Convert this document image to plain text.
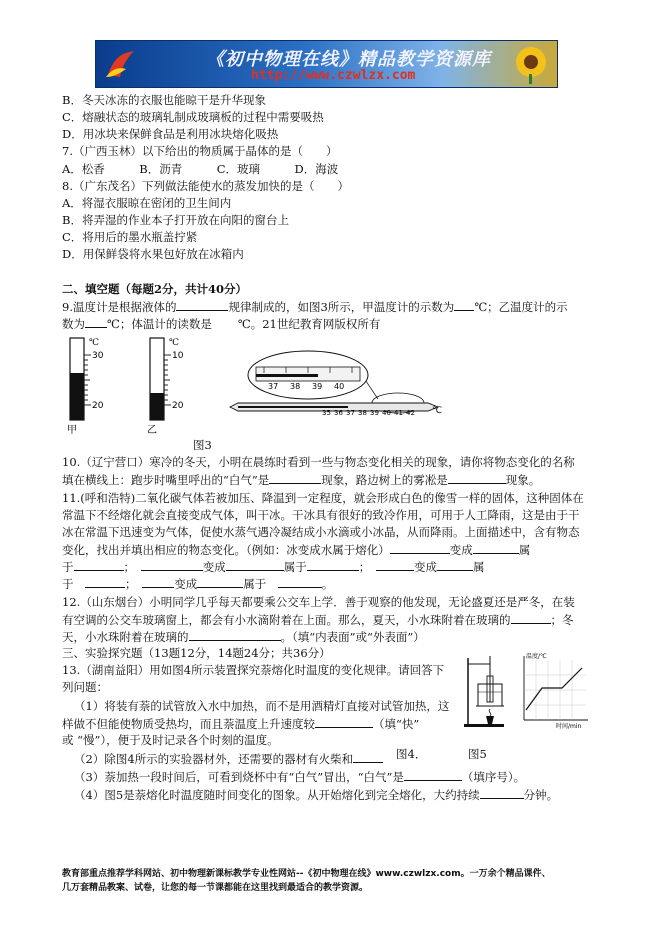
《初中物理在线》精品教学资源库
http://www.czwlzx.com
B．冬天冰冻的衣服也能晾干是升华现象
C．熔融状态的玻璃轧制成玻璃板的过程中需要吸热
D．用冰块来保鲜食品是利用冰块熔化吸热
7.（广西玉林）以下给出的物质属于晶体的是（　　）
A．松香　　　B．沥青　　　C．玻璃　　　D．海波
8.（广东茂名）下列做法能使水的蒸发加快的是（　　）
A．将湿衣服晾在密闭的卫生间内
B．将弄湿的作业本子打开放在向阳的窗台上
C．将用后的墨水瓶盖拧紧
D．用保鲜袋将水果包好放在冰箱内
二、填空题（每题2分，共计40分）
9.温度计是根据液体的	规律制成的，如图3所示，甲温度计的示数为 ℃；乙温度计的示
数为 ℃；体温计的读数是 ℃。21世纪教育网版权所有
℃
30
20
甲
℃
10
20
乙
37 38 39 40
35 36 37 38 39 40 41 42 ℃
图3
10.（辽宁营口）寒冷的冬天，小明在晨练时看到一些与物态变化相关的现象，请你将物态变化的名称
填在横线上：跑步时嘴里呼出的“白气”是	现象，路边树上的雾凇是	现象。
11.(呼和浩特)二氧化碳气体若被加压、降温到一定程度，就会形成白色的像雪一样的固体，这种固体在
常温下不经熔化就会直接变成气体，叫干冰。干冰具有很好的致冷作用，可用于人工降雨，这是由于干
冰在常温下迅速变为气体，促使水蒸气遇冷凝结成小水滴或小冰晶，从而降雨。上面描述中，含有物态
变化，找出并填出相应的物态变化。（例如：冰变成水属于熔化）	变成	属
于	；　	变成	属于	；　	变成	属
于　	；　	变成	属于　	。
12.（山东烟台）小明同学几乎每天都要乘公交车上学．善于观察的他发现，无论盛夏还是严冬，在装
有空调的公交车玻璃窗上，都会有小水滴附着在上面。那么，夏天，小水珠附着在玻璃的	；冬
天，小水珠附着在玻璃的	。（填“内表面”或“外表面”）
三、实验探究题（13题12分，14题24分；共36分）
13.（湖南益阳）用如图4所示装置探究萘熔化时温度的变化规律。请回答下
列问题：
（1）将装有萘的试管放入水中加热，而不是用酒精灯直接对试管加热，这
样做不但能使物质受热均，而且萘温度上升速度较	（填“快”
或 “慢”），便于及时记录各个时刻的温度。
（2）除图4所示的实验器材外，还需要的器材有火柴和	图4．	图5
（3）萘加热一段时间后，可看到烧杯中有“白气”冒出，“白气”是	（填序号）。
（4）图5是萘熔化时温度随时间变化的图象。从开始熔化到完全熔化，大约持续	分钟。
温度/℃
时间/min
教育部重点推荐学科网站、初中物理新课标教学专业性网站--《初中物理在线》www.czwlzx.com。一万余个精品课件、
几万套精品教案、试卷，让您的每一节课都能在这里找到最适合的教学资源。
